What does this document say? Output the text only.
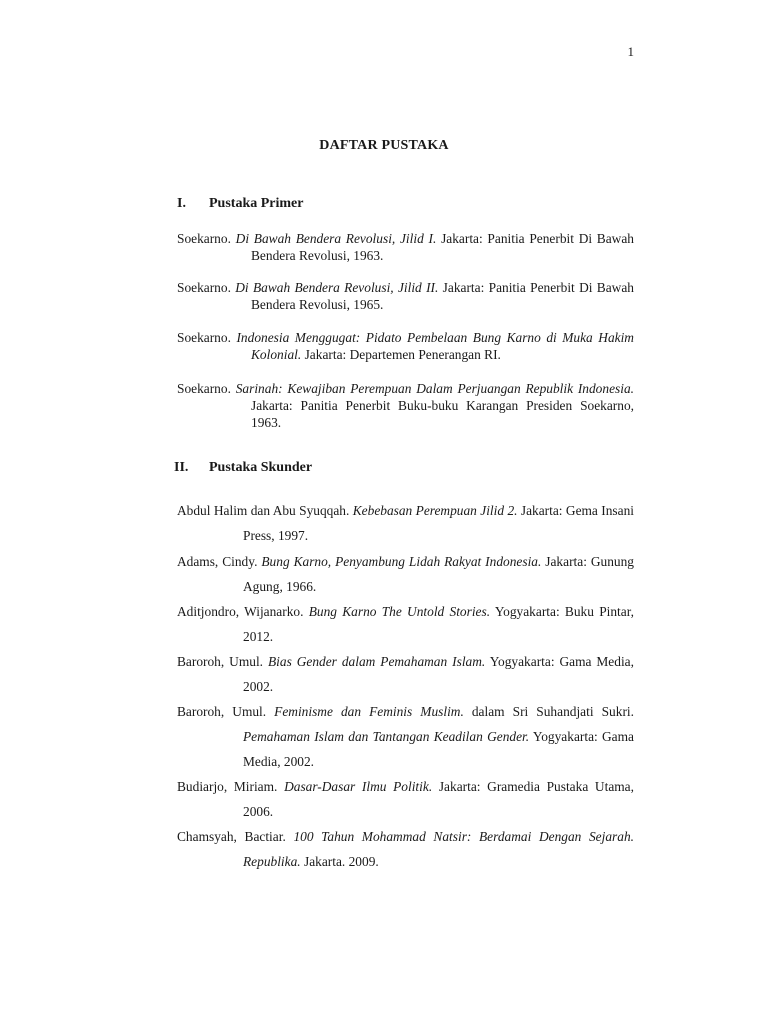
1
DAFTAR PUSTAKA
I. Pustaka Primer
Soekarno. Di Bawah Bendera Revolusi, Jilid I. Jakarta: Panitia Penerbit Di Bawah Bendera Revolusi, 1963.
Soekarno. Di Bawah Bendera Revolusi, Jilid II. Jakarta: Panitia Penerbit Di Bawah Bendera Revolusi, 1965.
Soekarno. Indonesia Menggugat: Pidato Pembelaan Bung Karno di Muka Hakim Kolonial. Jakarta: Departemen Penerangan RI.
Soekarno. Sarinah: Kewajiban Perempuan Dalam Perjuangan Republik Indonesia. Jakarta: Panitia Penerbit Buku-buku Karangan Presiden Soekarno, 1963.
II. Pustaka Skunder
Abdul Halim dan Abu Syuqqah. Kebebasan Perempuan Jilid 2. Jakarta: Gema Insani Press, 1997.
Adams, Cindy. Bung Karno, Penyambung Lidah Rakyat Indonesia. Jakarta: Gunung Agung, 1966.
Aditjondro, Wijanarko. Bung Karno The Untold Stories. Yogyakarta: Buku Pintar, 2012.
Baroroh, Umul. Bias Gender dalam Pemahaman Islam. Yogyakarta: Gama Media, 2002.
Baroroh, Umul. Feminisme dan Feminis Muslim. dalam Sri Suhandjati Sukri. Pemahaman Islam dan Tantangan Keadilan Gender. Yogyakarta: Gama Media, 2002.
Budiarjo, Miriam. Dasar-Dasar Ilmu Politik. Jakarta: Gramedia Pustaka Utama, 2006.
Chamsyah, Bactiar. 100 Tahun Mohammad Natsir: Berdamai Dengan Sejarah. Republika. Jakarta. 2009.
